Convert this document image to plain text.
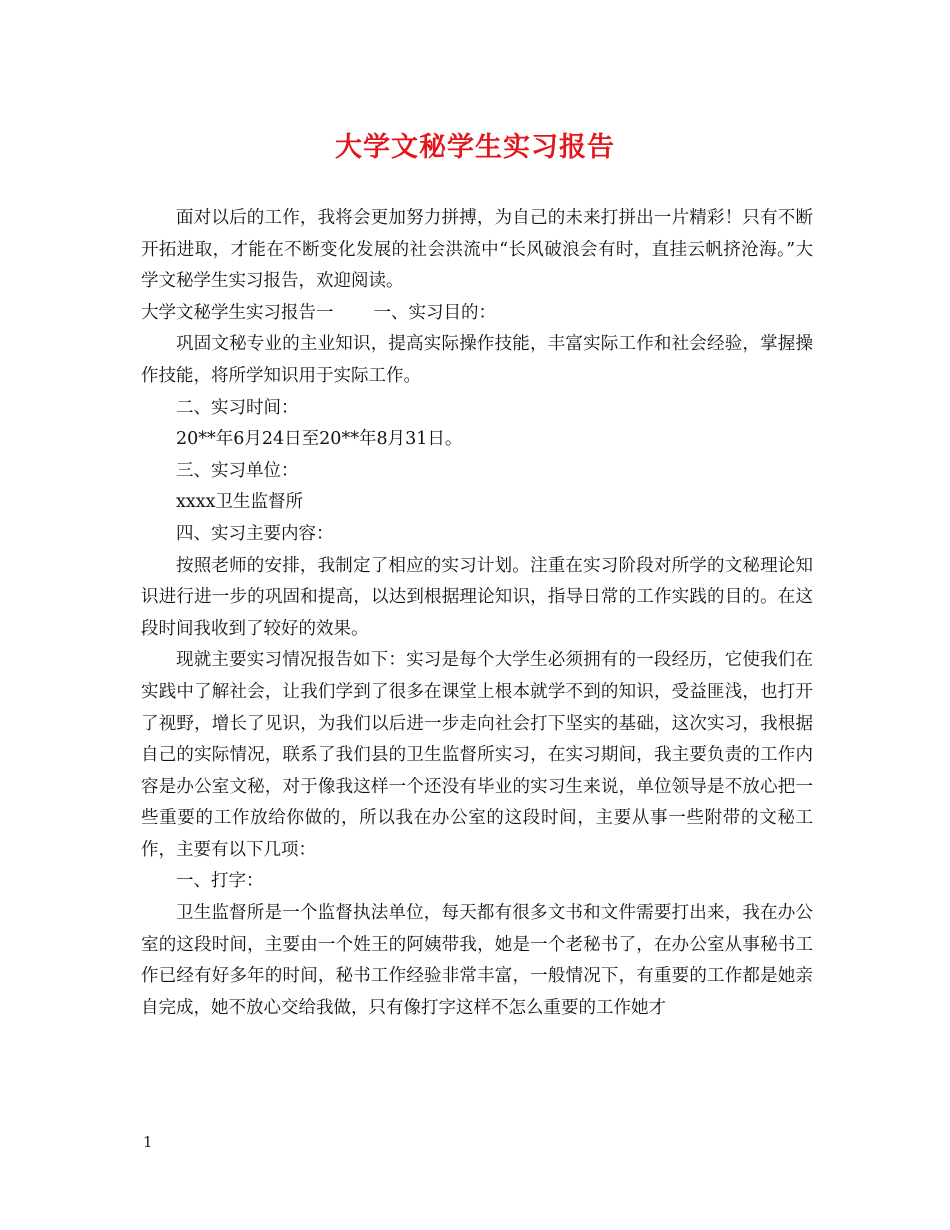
大学文秘学生实习报告

面对以后的工作，我将会更加努力拼搏，为自己的未来打拼出一片精彩！只有不断开拓进取，才能在不断变化发展的社会洪流中“长风破浪会有时，直挂云帆挤沧海。”大学文秘学生实习报告，欢迎阅读。

大学文秘学生实习报告一 一、实习目的：

巩固文秘专业的主业知识，提高实际操作技能，丰富实际工作和社会经验，掌握操作技能，将所学知识用于实际工作。

二、实习时间：

20**年6月24日至20**年8月31日。

三、实习单位：

xxxx卫生监督所

四、实习主要内容：

按照老师的安排，我制定了相应的实习计划。注重在实习阶段对所学的文秘理论知识进行进一步的巩固和提高，以达到根据理论知识，指导日常的工作实践的目的。在这段时间我收到了较好的效果。

现就主要实习情况报告如下：实习是每个大学生必须拥有的一段经历，它使我们在实践中了解社会，让我们学到了很多在课堂上根本就学不到的知识，受益匪浅，也打开了视野，增长了见识，为我们以后进一步走向社会打下坚实的基础，这次实习，我根据自己的实际情况，联系了我们县的卫生监督所实习，在实习期间，我主要负责的工作内容是办公室文秘，对于像我这样一个还没有毕业的实习生来说，单位领导是不放心把一些重要的工作放给你做的，所以我在办公室的这段时间，主要从事一些附带的文秘工作，主要有以下几项：

一、打字：

卫生监督所是一个监督执法单位，每天都有很多文书和文件需要打出来，我在办公室的这段时间，主要由一个姓王的阿姨带我，她是一个老秘书了，在办公室从事秘书工作已经有好多年的时间，秘书工作经验非常丰富，一般情况下，有重要的工作都是她亲自完成，她不放心交给我做，只有像打字这样不怎么重要的工作她才

1
